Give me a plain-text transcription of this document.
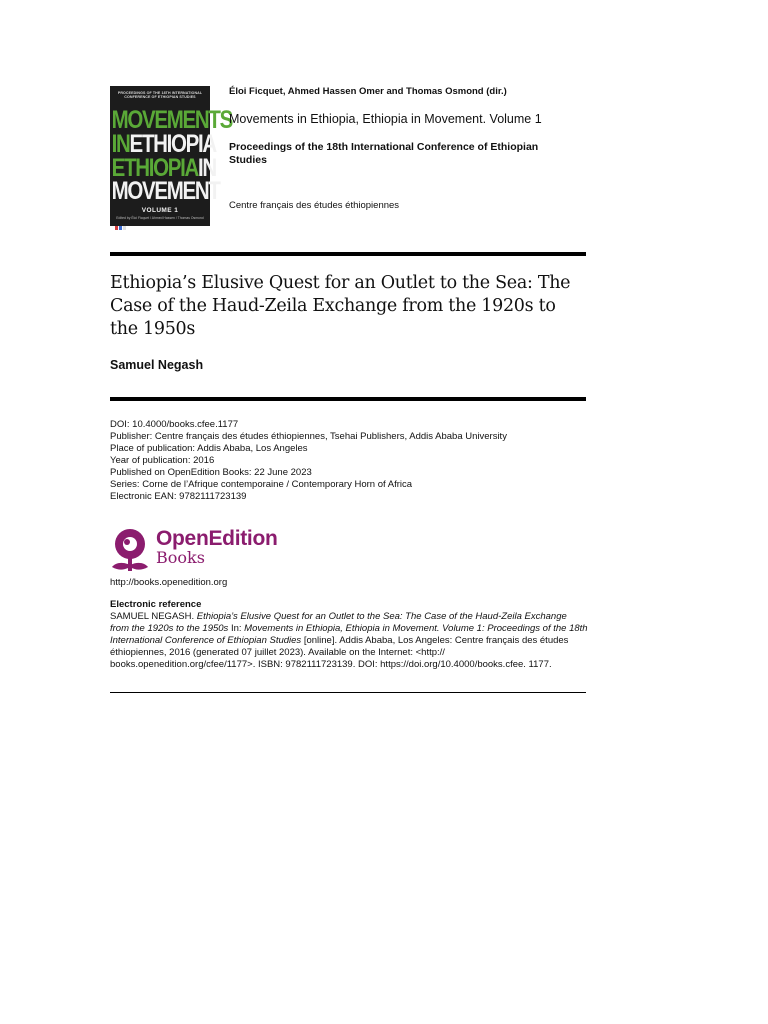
PROCEEDINGS OF THE 18TH INTERNATIONAL CONFERENCE OF ETHIOPIAN STUDIES
MOVEMENTS
INETHIOPIA
ETHIOPIAIN
MOVEMENT
VOLUME 1
Edited by Éloi Ficquet / Ahmed Hassen / Thomas Osmond
Éloi Ficquet, Ahmed Hassen Omer and Thomas Osmond (dir.)
Movements in Ethiopia, Ethiopia in Movement. Volume 1
Proceedings of the 18th International Conference of Ethiopian Studies
Centre français des études éthiopiennes
Ethiopia’s Elusive Quest for an Outlet to the Sea: The Case of the Haud-Zeila Exchange from the 1920s to the 1950s
Samuel Negash
DOI: 10.4000/books.cfee.1177
Publisher: Centre français des études éthiopiennes, Tsehai Publishers, Addis Ababa University
Place of publication: Addis Ababa, Los Angeles
Year of publication: 2016
Published on OpenEdition Books: 22 June 2023
Series: Corne de l’Afrique contemporaine / Contemporary Horn of Africa
Electronic EAN: 9782111723139
OpenEdition
Books
http://books.openedition.org
Electronic reference
SAMUEL NEGASH. Ethiopia’s Elusive Quest for an Outlet to the Sea: The Case of the Haud-Zeila Exchange from the 1920s to the 1950s In: Movements in Ethiopia, Ethiopia in Movement. Volume 1: Proceedings of the 18th International Conference of Ethiopian Studies [online]. Addis Ababa, Los Angeles: Centre français des études éthiopiennes, 2016 (generated 07 juillet 2023). Available on the Internet: <http:// books.openedition.org/cfee/1177>. ISBN: 9782111723139. DOI: https://doi.org/10.4000/books.cfee. 1177.
